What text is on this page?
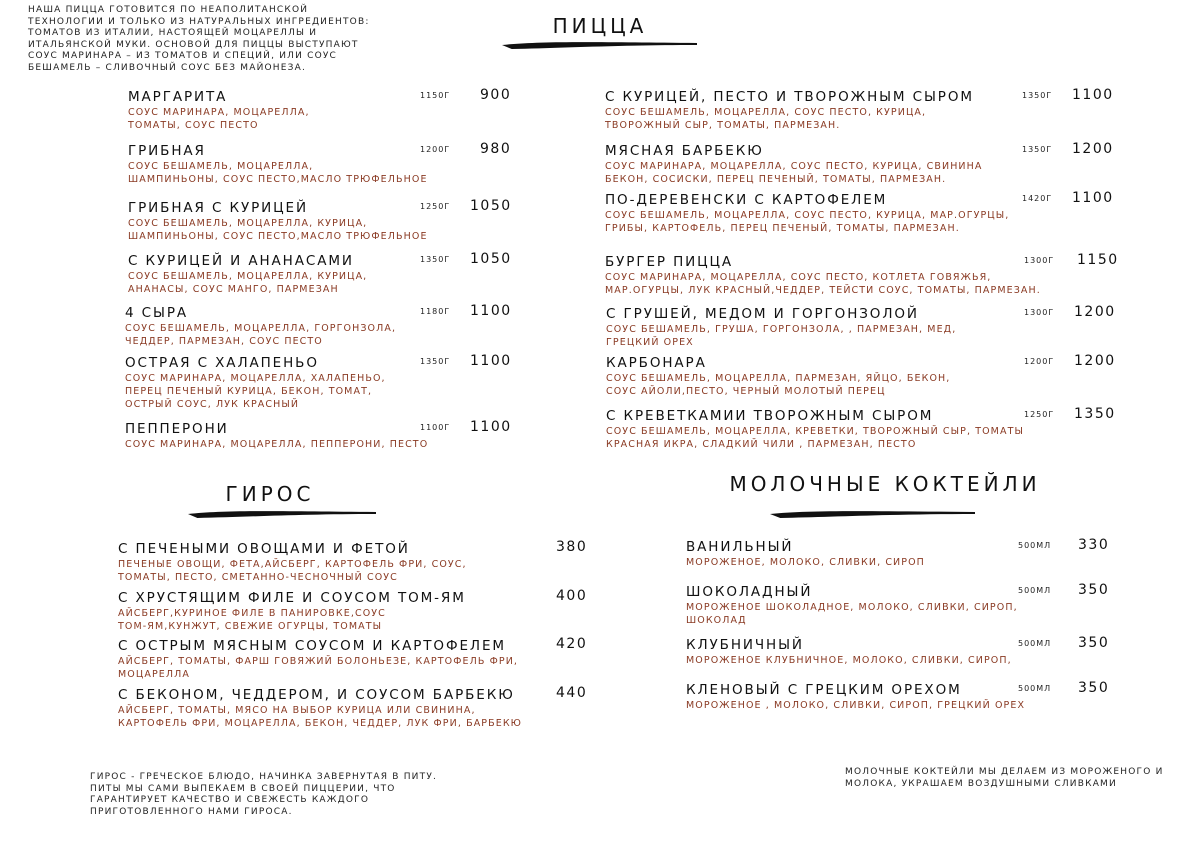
НАША ПИЦЦА ГОТОВИТСЯ ПО НЕАПОЛИТАНСКОЙ
ТЕХНОЛОГИИ И ТОЛЬКО ИЗ НАТУРАЛЬНЫХ ИНГРЕДИЕНТОВ:
ТОМАТОВ ИЗ ИТАЛИИ, НАСТОЯЩЕЙ МОЦАРЕЛЛЫ И
ИТАЛЬЯНСКОЙ МУКИ. ОСНОВОЙ ДЛЯ ПИЦЦЫ ВЫСТУПАЮТ
СОУС МАРИНАРА – ИЗ ТОМАТОВ И СПЕЦИЙ, ИЛИ СОУС
БЕШАМЕЛЬ – СЛИВОЧНЫЙ СОУС БЕЗ МАЙОНЕЗА.
ПИЦЦА
ГИРОС	МОЛОЧНЫЕ КОКТЕЙЛИ
МАРГАРИТА
СОУС МАРИНАРА, МОЦАРЕЛЛА,
ТОМАТЫ, СОУС ПЕСТО
1150Г 900
ГРИБНАЯ
СОУС БЕШАМЕЛЬ, МОЦАРЕЛЛА,
ШАМПИНЬОНЫ, СОУС ПЕСТО,МАСЛО ТРЮФЕЛЬНОЕ
1200Г 980
ГРИБНАЯ С КУРИЦЕЙ
СОУС БЕШАМЕЛЬ, МОЦАРЕЛЛА, КУРИЦА,
ШАМПИНЬОНЫ, СОУС ПЕСТО,МАСЛО ТРЮФЕЛЬНОЕ
1250Г 1050
С КУРИЦЕЙ И АНАНАСАМИ
СОУС БЕШАМЕЛЬ, МОЦАРЕЛЛА, КУРИЦА,
АНАНАСЫ, СОУС МАНГО, ПАРМЕЗАН
1350Г 1050
4 СЫРА
СОУС БЕШАМЕЛЬ, МОЦАРЕЛЛА, ГОРГОНЗОЛА,
ЧЕДДЕР, ПАРМЕЗАН, СОУС ПЕСТО
1180Г 1100
ОСТРАЯ С ХАЛАПЕНЬО
СОУС МАРИНАРА, МОЦАРЕЛЛА, ХАЛАПЕНЬО,
ПЕРЕЦ ПЕЧЕНЫЙ КУРИЦА, БЕКОН, ТОМАТ,
ОСТРЫЙ СОУС, ЛУК КРАСНЫЙ
1350Г 1100
ПЕППЕРОНИ
СОУС МАРИНАРА, МОЦАРЕЛЛА, ПЕППЕРОНИ, ПЕСТО
1100Г 1100
С КУРИЦЕЙ, ПЕСТО И ТВОРОЖНЫМ СЫРОМ
СОУС БЕШАМЕЛЬ, МОЦАРЕЛЛА, СОУС ПЕСТО, КУРИЦА,
ТВОРОЖНЫЙ СЫР, ТОМАТЫ, ПАРМЕЗАН.
1350Г 1100
МЯСНАЯ БАРБЕКЮ
СОУС МАРИНАРА, МОЦАРЕЛЛА, СОУС ПЕСТО, КУРИЦА, СВИНИНА
БЕКОН, СОСИСКИ, ПЕРЕЦ ПЕЧЕНЫЙ, ТОМАТЫ, ПАРМЕЗАН.
1350Г 1200
ПО-ДЕРЕВЕНСКИ С КАРТОФЕЛЕМ
СОУС БЕШАМЕЛЬ, МОЦАРЕЛЛА, СОУС ПЕСТО, КУРИЦА, МАР.ОГУРЦЫ,
ГРИБЫ, КАРТОФЕЛЬ, ПЕРЕЦ ПЕЧЕНЫЙ, ТОМАТЫ, ПАРМЕЗАН.
1420Г 1100
БУРГЕР ПИЦЦА
СОУС МАРИНАРА, МОЦАРЕЛЛА, СОУС ПЕСТО, КОТЛЕТА ГОВЯЖЬЯ,
МАР.ОГУРЦЫ, ЛУК КРАСНЫЙ,ЧЕДДЕР, ТЕЙСТИ СОУС, ТОМАТЫ, ПАРМЕЗАН.
1300Г 1150
С ГРУШЕЙ, МЕДОМ И ГОРГОНЗОЛОЙ
СОУС БЕШАМЕЛЬ, ГРУША, ГОРГОНЗОЛА, , ПАРМЕЗАН, МЕД,
ГРЕЦКИЙ ОРЕХ
1300Г 1200
КАРБОНАРА
СОУС БЕШАМЕЛЬ, МОЦАРЕЛЛА, ПАРМЕЗАН, ЯЙЦО, БЕКОН,
СОУС АЙОЛИ,ПЕСТО, ЧЕРНЫЙ МОЛОТЫЙ ПЕРЕЦ
1200Г 1200
С КРЕВЕТКАМИИ ТВОРОЖНЫМ СЫРОМ
СОУС БЕШАМЕЛЬ, МОЦАРЕЛЛА, КРЕВЕТКИ, ТВОРОЖНЫЙ СЫР, ТОМАТЫ
КРАСНАЯ ИКРА, СЛАДКИЙ ЧИЛИ , ПАРМЕЗАН, ПЕСТО
1250Г 1350
С ПЕЧЕНЫМИ ОВОЩАМИ И ФЕТОЙ
ПЕЧЕНЫЕ ОВОЩИ, ФЕТА,АЙСБЕРГ, КАРТОФЕЛЬ ФРИ, СОУС,
ТОМАТЫ, ПЕСТО, СМЕТАННО-ЧЕСНОЧНЫЙ СОУС
380
С ХРУСТЯЩИМ ФИЛЕ И СОУСОМ ТОМ-ЯМ
АЙСБЕРГ,КУРИНОЕ ФИЛЕ В ПАНИРОВКЕ,СОУС
ТОМ-ЯМ,КУНЖУТ, СВЕЖИЕ ОГУРЦЫ, ТОМАТЫ
400
С ОСТРЫМ МЯСНЫМ СОУСОМ И КАРТОФЕЛЕМ
АЙСБЕРГ, ТОМАТЫ, ФАРШ ГОВЯЖИЙ БОЛОНЬЕЗЕ, КАРТОФЕЛЬ ФРИ,
МОЦАРЕЛЛА
420
С БЕКОНОМ, ЧЕДДЕРОМ, И СОУСОМ БАРБЕКЮ
АЙСБЕРГ, ТОМАТЫ, МЯСО НА ВЫБОР КУРИЦА ИЛИ СВИНИНА,
КАРТОФЕЛЬ ФРИ, МОЦАРЕЛЛА, БЕКОН, ЧЕДДЕР, ЛУК ФРИ, БАРБЕКЮ
440
ГИРОС - ГРЕЧЕСКОЕ БЛЮДО, НАЧИНКА ЗАВЕРНУТАЯ В ПИТУ.
ПИТЫ МЫ САМИ ВЫПЕКАЕМ В СВОЕЙ ПИЦЦЕРИИ, ЧТО
ГАРАНТИРУЕТ КАЧЕСТВО И СВЕЖЕСТЬ КАЖДОГО
ПРИГОТОВЛЕННОГО НАМИ ГИРОСА.
ВАНИЛЬНЫЙ
МОРОЖЕНОЕ, МОЛОКО, СЛИВКИ, СИРОП
500МЛ 330
ШОКОЛАДНЫЙ
МОРОЖЕНОЕ ШОКОЛАДНОЕ, МОЛОКО, СЛИВКИ, СИРОП,
ШОКОЛАД
500МЛ 350
КЛУБНИЧНЫЙ
МОРОЖЕНОЕ КЛУБНИЧНОЕ, МОЛОКО, СЛИВКИ, СИРОП,
500МЛ 350
КЛЕНОВЫЙ С ГРЕЦКИМ ОРЕХОМ
МОРОЖЕНОЕ , МОЛОКО, СЛИВКИ, СИРОП, ГРЕЦКИЙ ОРЕХ
500МЛ 350
МОЛОЧНЫЕ КОКТЕЙЛИ МЫ ДЕЛАЕМ ИЗ МОРОЖЕНОГО И
МОЛОКА, УКРАШАЕМ ВОЗДУШНЫМИ СЛИВКАМИ
